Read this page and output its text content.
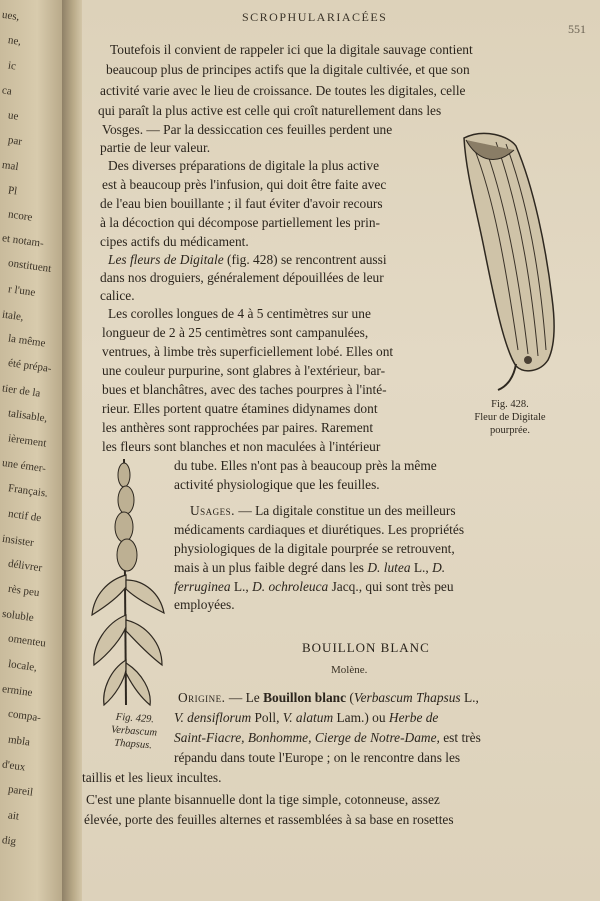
ues,
ne,
ic
ca
ue
par
mal
Pl
ncore
et notam-
onstituent
r l'une
itale,
la même
été prépa-
tier de la
talisable,
ièrement
une émer-
Français.
nctif de
insister
délivrer
rès peu
soluble
omenteu
locale,
ermine
compa-
mbla
d'eux
pareil
ait
dig
SCROPHULARIACÉES
551
Toutefois il convient de rappeler ici que la digitale sauvage contient
beaucoup plus de principes actifs que la digitale cultivée, et que son
activité varie avec le lieu de croissance. De toutes les digitales, celle
qui paraît la plus active est celle qui croît naturellement dans les
Vosges. — Par la dessiccation ces feuilles perdent une
partie de leur valeur.
Des diverses préparations de digitale la plus active
est à beaucoup près l'infusion, qui doit être faite avec
de l'eau bien bouillante ; il faut éviter d'avoir recours
à la décoction qui décompose partiellement les prin-
cipes actifs du médicament.
Les fleurs de Digitale (fig. 428) se rencontrent aussi
dans nos droguiers, généralement dépouillées de leur
calice.
Les corolles longues de 4 à 5 centimètres sur une
longueur de 2 à 25 centimètres sont campanulées,
ventrues, à limbe très superficiellement lobé. Elles ont
une couleur purpurine, sont glabres à l'extérieur, bar-
bues et blanchâtres, avec des taches pourpres à l'inté-
rieur. Elles portent quatre étamines didynames dont
les anthères sont rapprochées par paires. Rarement
les fleurs sont blanches et non maculées à l'intérieur
du tube. Elles n'ont pas à beaucoup près la même
activité physiologique que les feuilles.
Usages. — La digitale constitue un des meilleurs
médicaments cardiaques et diurétiques. Les propriétés
physiologiques de la digitale pourprée se retrouvent,
mais à un plus faible degré dans les D. lutea L., D.
ferruginea L., D. ochroleuca Jacq., qui sont très peu
employées.
BOUILLON BLANC
Molène.
Origine. — Le Bouillon blanc (Verbascum Thapsus L.,
V. densiflorum Poll, V. alatum Lam.) ou Herbe de
Saint-Fiacre, Bonhomme, Cierge de Notre-Dame, est très
répandu dans toute l'Europe ; on le rencontre dans les
taillis et les lieux incultes.
C'est une plante bisannuelle dont la tige simple, cotonneuse, assez
élevée, porte des feuilles alternes et rassemblées à sa base en rosettes
Fig. 428.
Fleur de Digitale
pourprée.
Fig. 429.
Verbascum
Thapsus.
